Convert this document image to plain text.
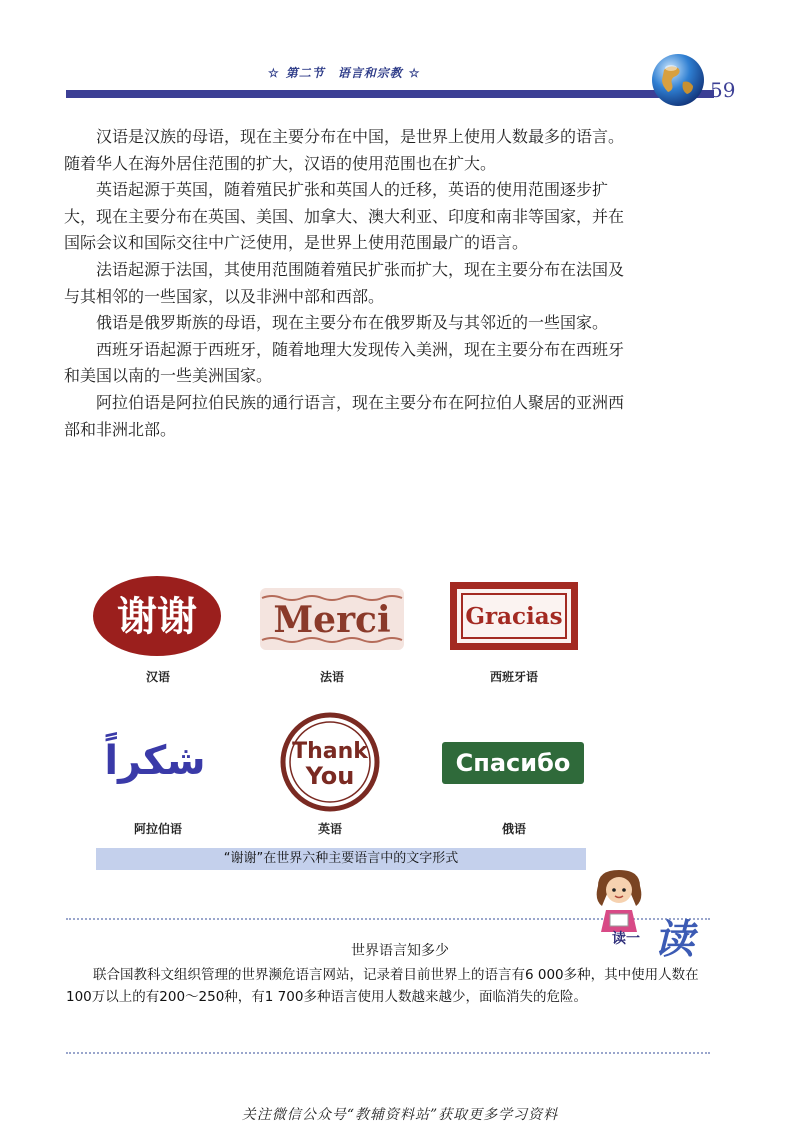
☆ 第二节　语言和宗教 ☆
59

汉语是汉族的母语，现在主要分布在中国，是世界上使用人数最多的语言。随着华人在海外居住范围的扩大，汉语的使用范围也在扩大。

英语起源于英国，随着殖民扩张和英国人的迁移，英语的使用范围逐步扩大，现在主要分布在英国、美国、加拿大、澳大利亚、印度和南非等国家，并在国际会议和国际交往中广泛使用，是世界上使用范围最广的语言。

法语起源于法国，其使用范围随着殖民扩张而扩大，现在主要分布在法国及与其相邻的一些国家，以及非洲中部和西部。

俄语是俄罗斯族的母语，现在主要分布在俄罗斯及与其邻近的一些国家。

西班牙语起源于西班牙，随着地理大发现传入美洲，现在主要分布在西班牙和美国以南的一些美洲国家。

阿拉伯语是阿拉伯民族的通行语言，现在主要分布在阿拉伯人聚居的亚洲西部和非洲北部。

谢谢
汉语
Merci
法语
Gracias
西班牙语
شكراً
阿拉伯语
Thank
You
英语
Спасибо
俄语
“谢谢”在世界六种主要语言中的文字形式
读一 读
世界语言知多少

联合国教科文组织管理的世界濒危语言网站，记录着目前世界上的语言有6 000多种，其中使用人数在100万以上的有200～250种，有1 700多种语言使用人数越来越少，面临消失的危险。

关注微信公众号“教辅资料站”获取更多学习资料
